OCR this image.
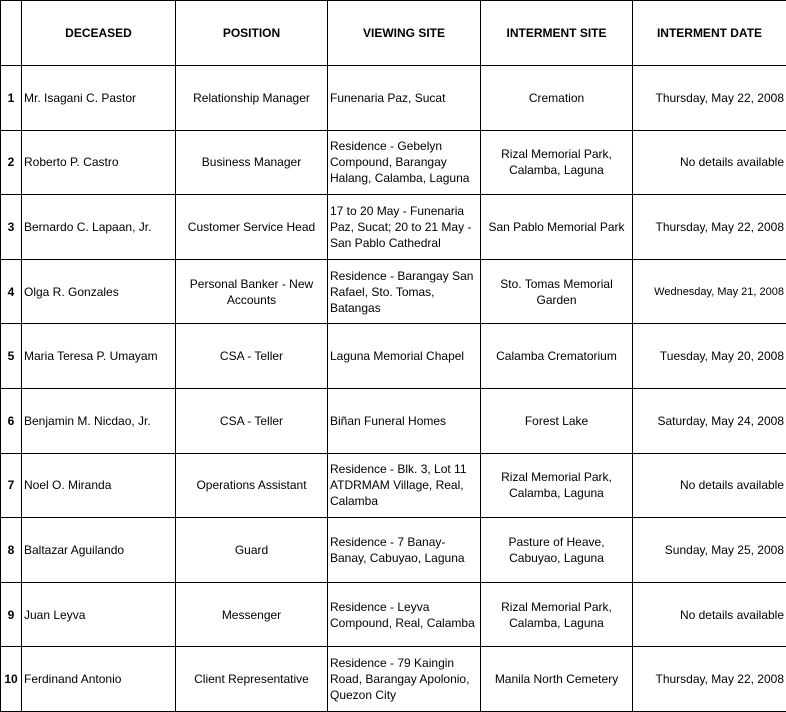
	DECEASED	POSITION	VIEWING SITE	INTERMENT SITE	INTERMENT DATE
1	Mr. Isagani C. Pastor	Relationship Manager	Funenaria Paz, Sucat	Cremation	Thursday, May 22, 2008
2	Roberto P. Castro	Business Manager	Residence - Gebelyn Compound, Barangay Halang, Calamba, Laguna	Rizal Memorial Park, Calamba, Laguna	No details available
3	Bernardo C. Lapaan, Jr.	Customer Service Head	17 to 20 May - Funenaria Paz, Sucat; 20 to 21 May - San Pablo Cathedral	San Pablo Memorial Park	Thursday, May 22, 2008
4	Olga R. Gonzales	Personal Banker - New Accounts	Residence - Barangay San Rafael, Sto. Tomas, Batangas	Sto. Tomas Memorial Garden	Wednesday, May 21, 2008
5	Maria Teresa P. Umayam	CSA - Teller	Laguna Memorial Chapel	Calamba Crematorium	Tuesday, May 20, 2008
6	Benjamin M. Nicdao, Jr.	CSA - Teller	Biñan Funeral Homes	Forest Lake	Saturday, May 24, 2008
7	Noel O. Miranda	Operations Assistant	Residence - Blk. 3, Lot 11 ATDRMAM Village, Real, Calamba	Rizal Memorial Park, Calamba, Laguna	No details available
8	Baltazar Aguilando	Guard	Residence - 7 Banay-Banay, Cabuyao, Laguna	Pasture of Heave, Cabuyao, Laguna	Sunday, May 25, 2008
9	Juan Leyva	Messenger	Residence - Leyva Compound, Real, Calamba	Rizal Memorial Park, Calamba, Laguna	No details available
10	Ferdinand Antonio	Client Representative	Residence - 79 Kaingin Road, Barangay Apolonio, Quezon City	Manila North Cemetery	Thursday, May 22, 2008
